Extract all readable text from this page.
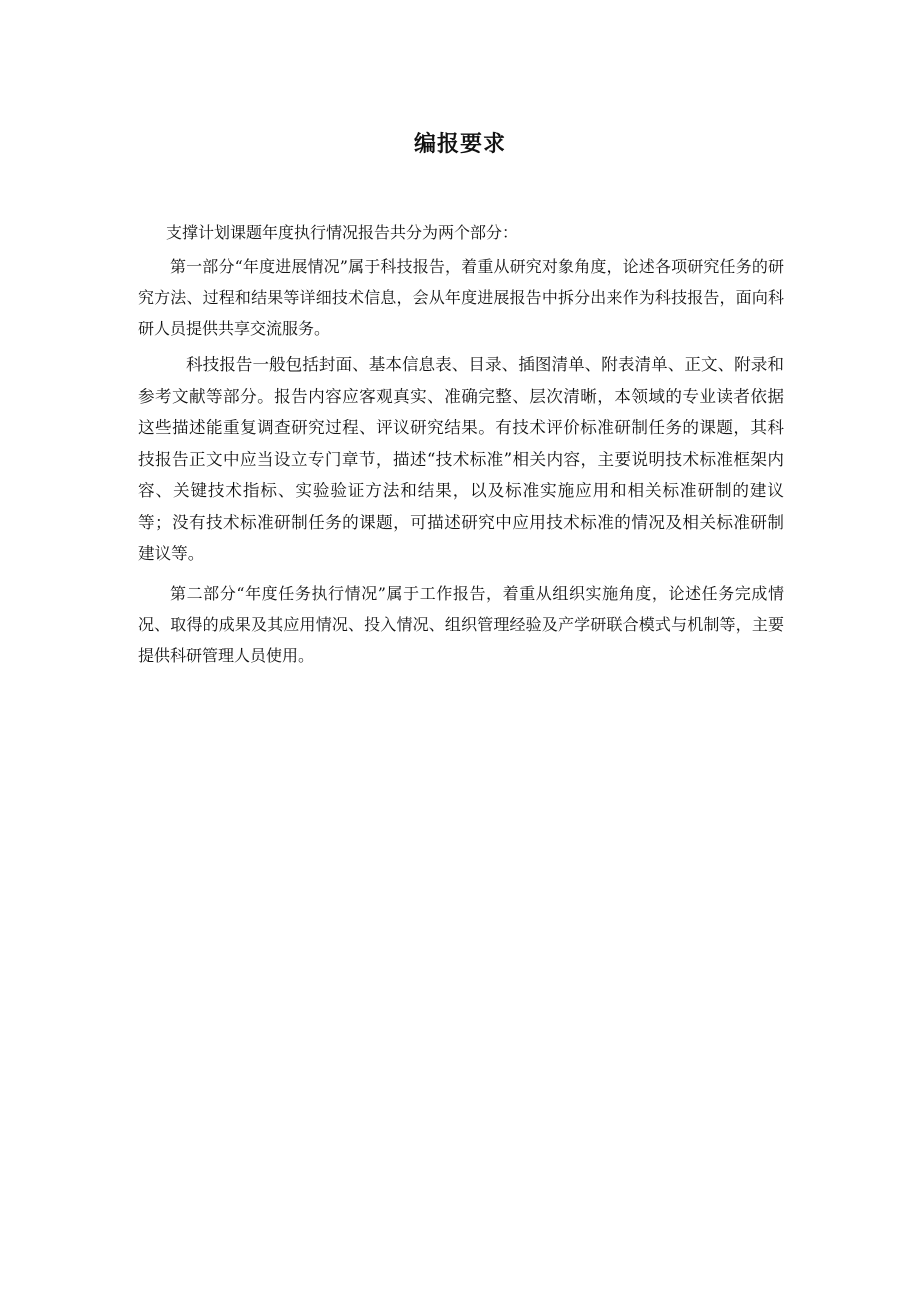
编报要求

支撑计划课题年度执行情况报告共分为两个部分：

第一部分“年度进展情况”属于科技报告，着重从研究对象角度，论述各项研究任务的研究方法、过程和结果等详细技术信息，会从年度进展报告中拆分出来作为科技报告，面向科研人员提供共享交流服务。

科技报告一般包括封面、基本信息表、目录、插图清单、附表清单、正文、附录和参考文献等部分。报告内容应客观真实、准确完整、层次清晰，本领域的专业读者依据这些描述能重复调查研究过程、评议研究结果。有技术评价标准研制任务的课题，其科技报告正文中应当设立专门章节，描述“技术标准”相关内容，主要说明技术标准框架内容、关键技术指标、实验验证方法和结果，以及标准实施应用和相关标准研制的建议等；没有技术标准研制任务的课题，可描述研究中应用技术标准的情况及相关标准研制建议等。

第二部分“年度任务执行情况”属于工作报告，着重从组织实施角度，论述任务完成情况、取得的成果及其应用情况、投入情况、组织管理经验及产学研联合模式与机制等，主要提供科研管理人员使用。
